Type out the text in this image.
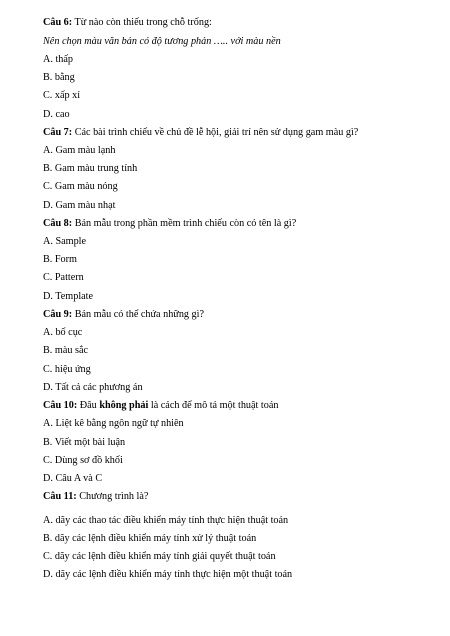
Câu 6: Từ nào còn thiếu trong chỗ trống:
Nên chọn màu văn bản có độ tương phản ….. với màu nền
A. thấp
B. bằng
C. xấp xỉ
D. cao
Câu 7: Các bài trình chiếu về chủ đề lễ hội, giải trí nên sử dụng gam màu gì?
A. Gam màu lạnh
B. Gam màu trung tính
C. Gam màu nóng
D. Gam màu nhạt
Câu 8: Bản mẫu trong phần mềm trình chiếu còn có tên là gì?
A. Sample
B. Form
C. Pattern
D. Template
Câu 9: Bản mẫu có thể chứa những gì?
A. bố cục
B. màu sắc
C. hiệu ứng
D. Tất cả các phương án
Câu 10: Đâu không phải là cách để mô tả một thuật toán
A. Liệt kê bằng ngôn ngữ tự nhiên
B. Viết một bài luận
C. Dùng sơ đồ khối
D. Câu A và C
Câu 11: Chương trình là?
A. dãy các thao tác điều khiển máy tính thực hiện thuật toán
B. dãy các lệnh điều khiển máy tính xử lý thuật toán
C. dãy các lệnh điều khiển máy tính giải quyết thuật toán
D. dãy các lệnh điều khiển máy tính thực hiện một thuật toán
